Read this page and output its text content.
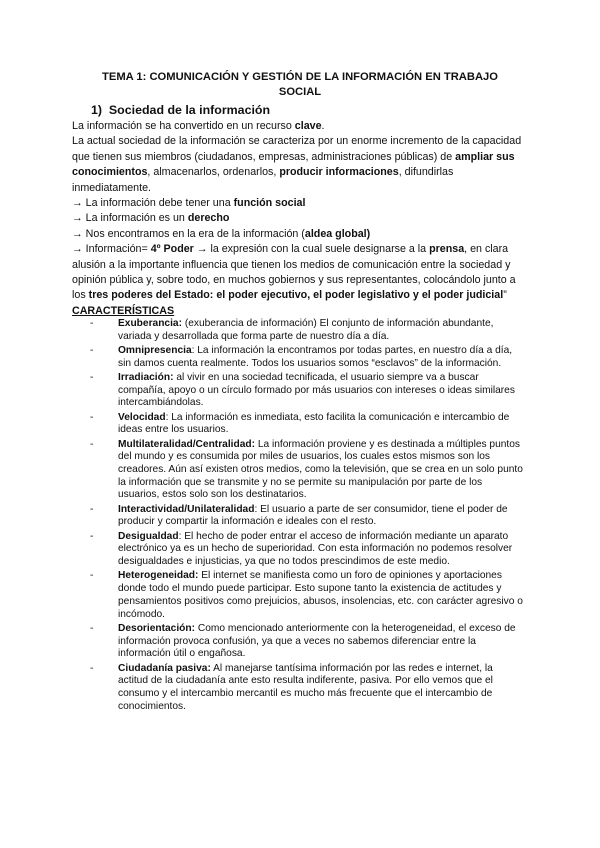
TEMA 1: COMUNICACIÓN Y GESTIÓN DE LA INFORMACIÓN EN TRABAJO SOCIAL
1) Sociedad de la información

La información se ha convertido en un recurso clave.

La actual sociedad de la información se caracteriza por un enorme incremento de la capacidad que tienen sus miembros (ciudadanos, empresas, administraciones públicas) de ampliar sus conocimientos, almacenarlos, ordenarlos, producir informaciones, difundirlas inmediatamente.

→ La información debe tener una función social

→ La información es un derecho

→ Nos encontramos en la era de la información (aldea global)

→ Información= 4º Poder → la expresión con la cual suele designarse a la prensa, en clara alusión a la importante influencia que tienen los medios de comunicación entre la sociedad y opinión pública y, sobre todo, en muchos gobiernos y sus representantes, colocándolo junto a los tres poderes del Estado: el poder ejecutivo, el poder legislativo y el poder judicial”

CARACTERÍSTICAS
- Exuberancia: (exuberancia de información) El conjunto de información abundante, variada y desarrollada que forma parte de nuestro día a día.
- Omnipresencia: La información la encontramos por todas partes, en nuestro día a día, sin damos cuenta realmente. Todos los usuarios somos “esclavos” de la información.
- Irradiación: al vivir en una sociedad tecnificada, el usuario siempre va a buscar compañía, apoyo o un círculo formado por más usuarios con intereses o ideas similares intercambiándolas.
- Velocidad: La información es inmediata, esto facilita la comunicación e intercambio de ideas entre los usuarios.
- Multilateralidad/Centralidad: La información proviene y es destinada a múltiples puntos del mundo y es consumida por miles de usuarios, los cuales estos mismos son los creadores. Aún así existen otros medios, como la televisión, que se crea en un solo punto la información que se transmite y no se permite su manipulación por parte de los usuarios, estos solo son los destinatarios.
- Interactividad/Unilateralidad: El usuario a parte de ser consumidor, tiene el poder de producir y compartir la información e ideales con el resto.
- Desigualdad: El hecho de poder entrar el acceso de información mediante un aparato electrónico ya es un hecho de superioridad. Con esta información no podemos resolver desigualdades e injusticias, ya que no todos prescindimos de este medio.
- Heterogeneidad: El internet se manifiesta como un foro de opiniones y aportaciones donde todo el mundo puede participar. Esto supone tanto la existencia de actitudes y pensamientos positivos como prejuicios, abusos, insolencias, etc. con carácter agresivo o incómodo.
- Desorientación: Como mencionado anteriormente con la heterogeneidad, el exceso de información provoca confusión, ya que a veces no sabemos diferenciar entre la información útil o engañosa.
- Ciudadanía pasiva: Al manejarse tantísima información por las redes e internet, la actitud de la ciudadanía ante esto resulta indiferente, pasiva. Por ello vemos que el consumo y el intercambio mercantil es mucho más frecuente que el intercambio de conocimientos.
